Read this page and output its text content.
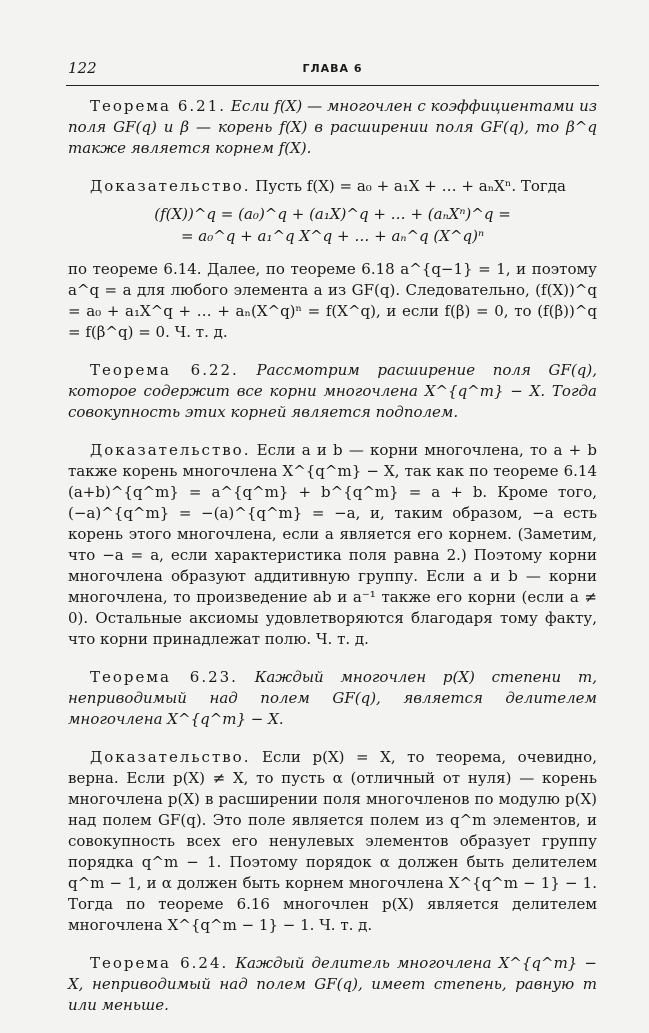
122	ГЛАВА 6

Теорема 6.21. Если f(X) — многочлен с коэффициентами из поля GF(q) и β — корень f(X) в расширении поля GF(q), то β^q также является корнем f(X).

Доказательство. Пусть f(X) = a₀ + a₁X + … + aₙXⁿ. Тогда

(f(X))^q = (a₀)^q + (a₁X)^q + … + (aₙXⁿ)^q =
= a₀^q + a₁^q X^q + … + aₙ^q (X^q)ⁿ

по теореме 6.14. Далее, по теореме 6.18 a^{q−1} = 1, и поэтому a^q = a для любого элемента a из GF(q). Следовательно, (f(X))^q = a₀ + a₁X^q + … + aₙ(X^q)ⁿ = f(X^q), и если f(β) = 0, то (f(β))^q = f(β^q) = 0. Ч. т. д.

Теорема 6.22. Рассмотрим расширение поля GF(q), которое содержит все корни многочлена X^{q^m} − X. Тогда совокупность этих корней является подполем.

Доказательство. Если a и b — корни многочлена, то a + b также корень многочлена X^{q^m} − X, так как по теореме 6.14 (a+b)^{q^m} = a^{q^m} + b^{q^m} = a + b. Кроме того, (−a)^{q^m} = −(a)^{q^m} = −a, и, таким образом, −a есть корень этого многочлена, если a является его корнем. (Заметим, что −a = a, если характеристика поля равна 2.) Поэтому корни многочлена образуют аддитивную группу. Если a и b — корни многочлена, то произведение ab и a⁻¹ также его корни (если a ≠ 0). Остальные аксиомы удовлетворяются благодаря тому факту, что корни принадлежат полю. Ч. т. д.

Теорема 6.23. Каждый многочлен p(X) степени m, неприводимый над полем GF(q), является делителем многочлена X^{q^m} − X.

Доказательство. Если p(X) = X, то теорема, очевидно, верна. Если p(X) ≠ X, то пусть α (отличный от нуля) — корень многочлена p(X) в расширении поля многочленов по модулю p(X) над полем GF(q). Это поле является полем из q^m элементов, и совокупность всех его ненулевых элементов образует группу порядка q^m − 1. Поэтому порядок α должен быть делителем q^m − 1, и α должен быть корнем многочлена X^{q^m − 1} − 1. Тогда по теореме 6.16 многочлен p(X) является делителем многочлена X^{q^m − 1} − 1. Ч. т. д.

Теорема 6.24. Каждый делитель многочлена X^{q^m} − X, неприводимый над полем GF(q), имеет степень, равную m или меньше.
